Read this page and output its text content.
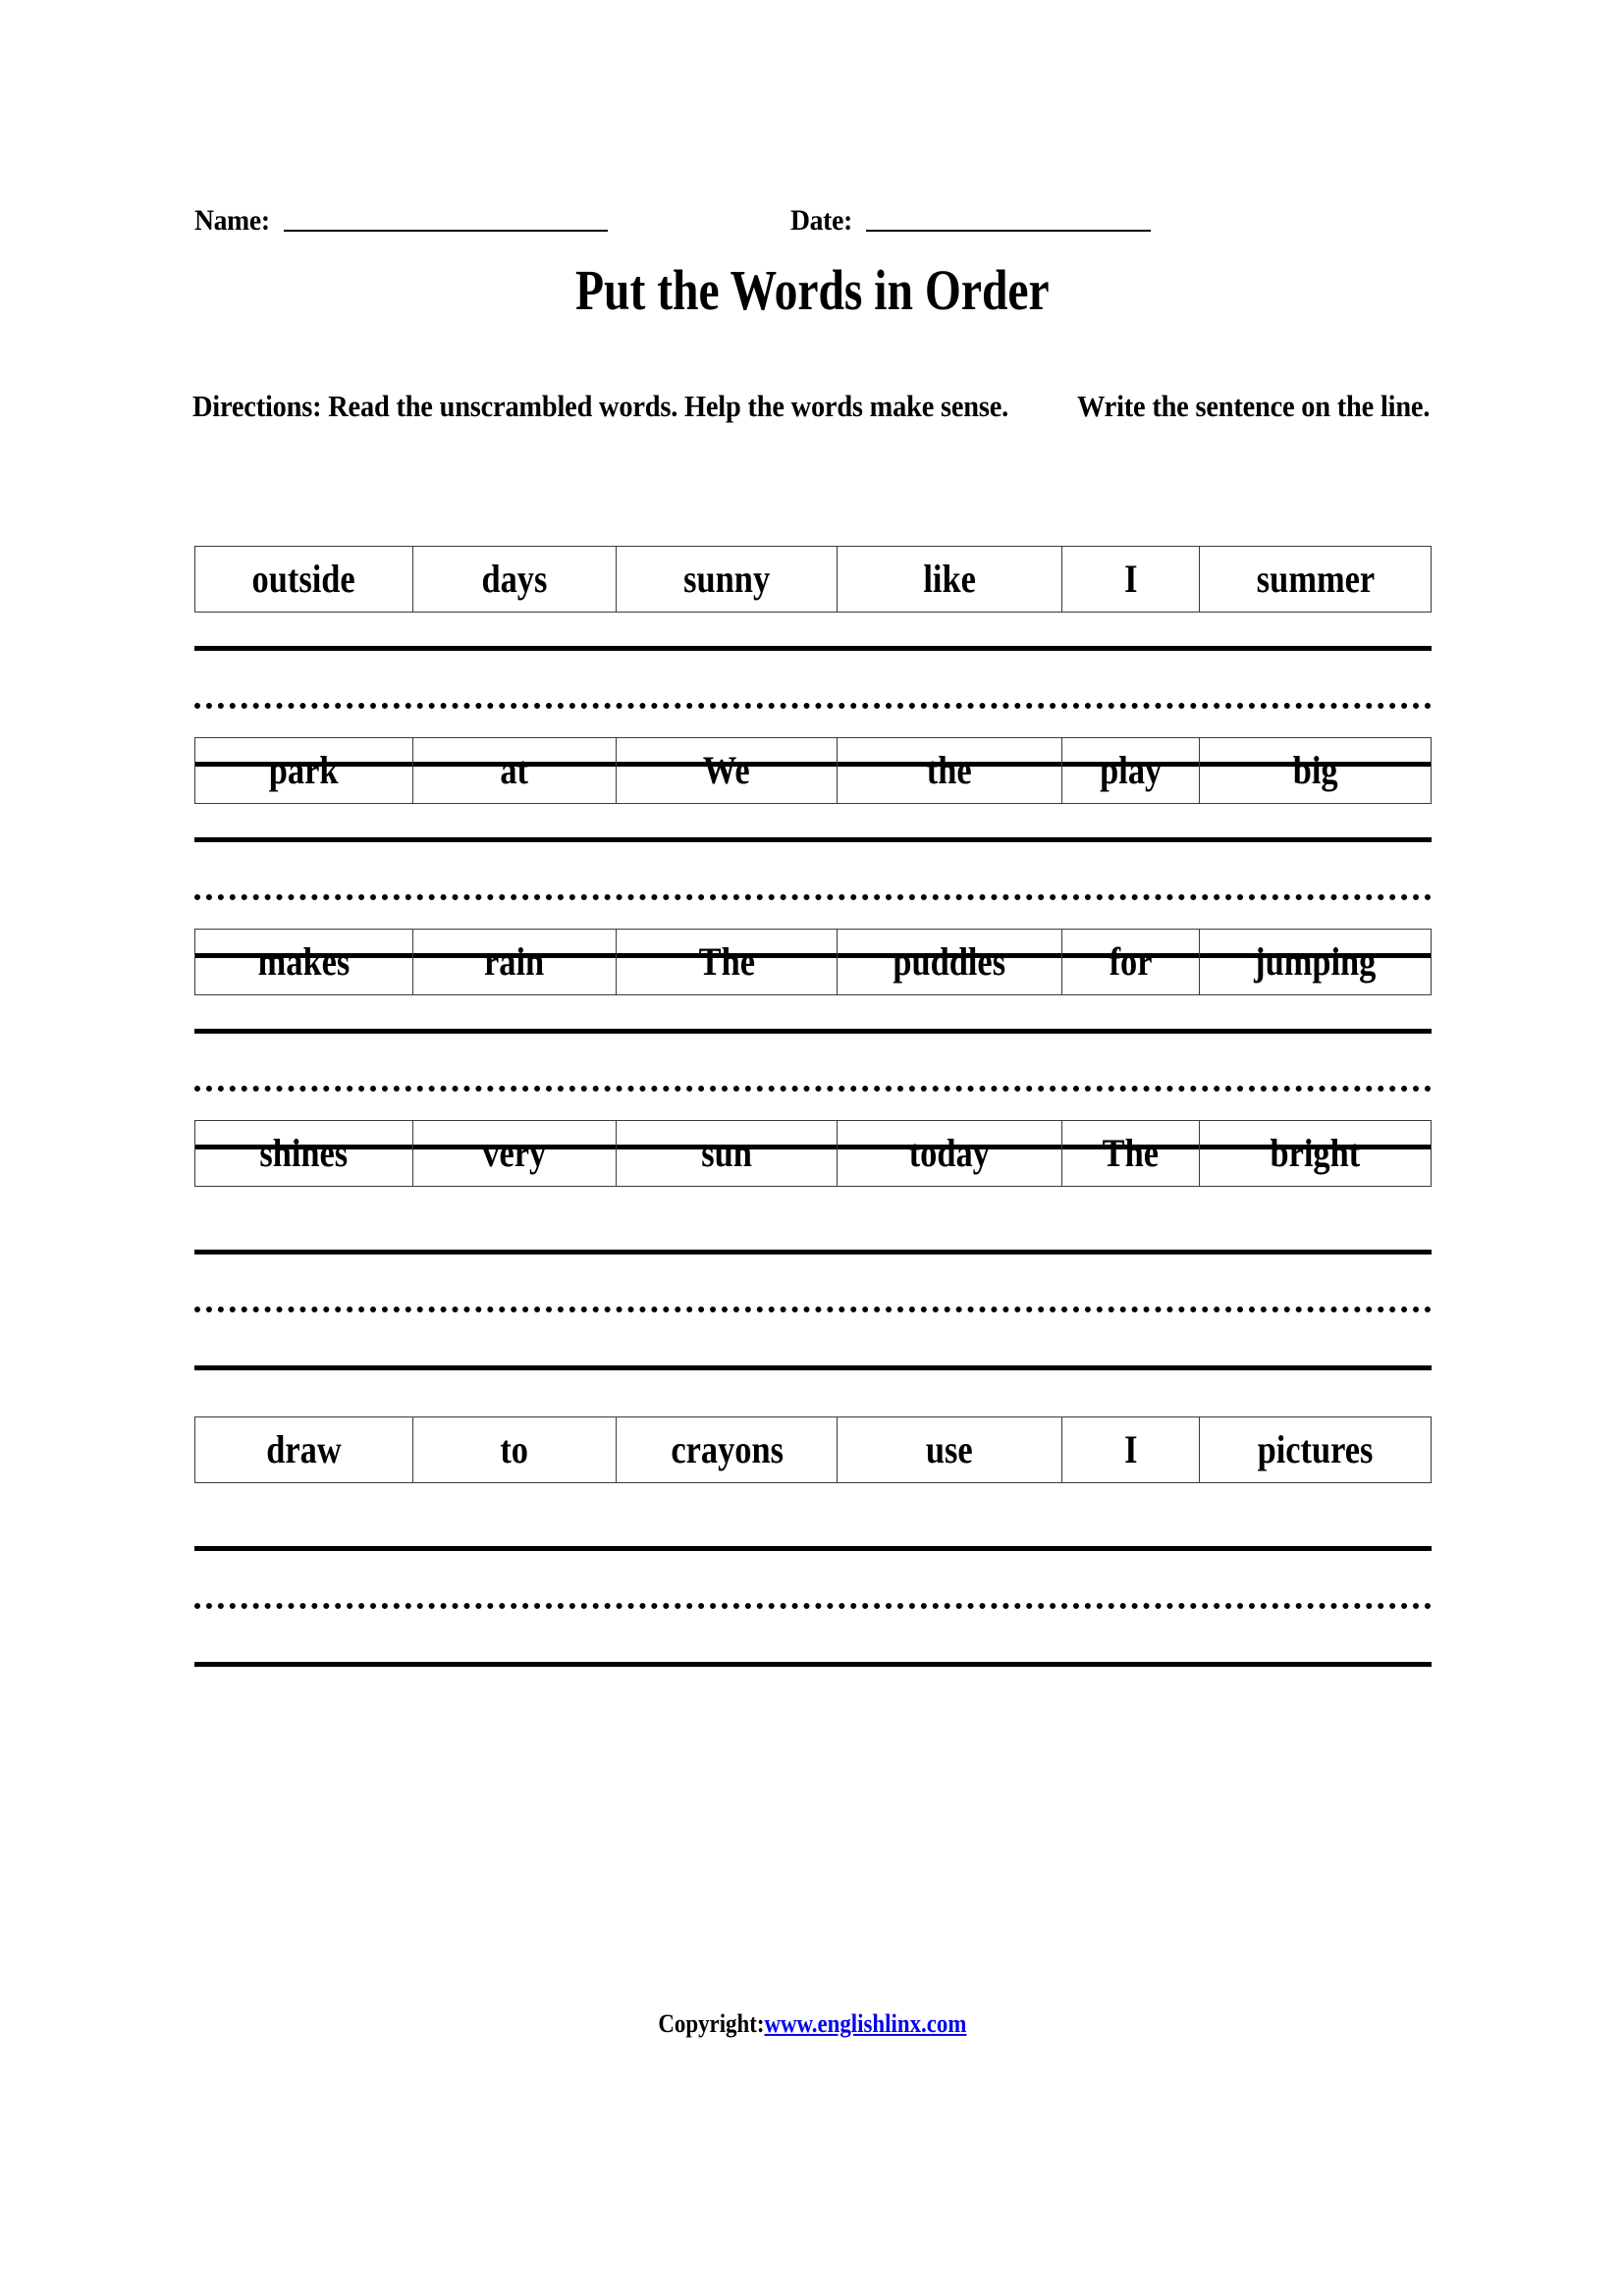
Name:	Date:
Put the Words in Order
Directions: Read the unscrambled words. Help the words make sense. Write the sentence on the line.
outside	days	sunny	like	I	summer
park	at	We	the	play	big
makes	rain	The	puddles	for	jumping
shines	very	sun	today	The	bright
draw	to	crayons	use	I	pictures
Copyright:www.englishlinx.com
